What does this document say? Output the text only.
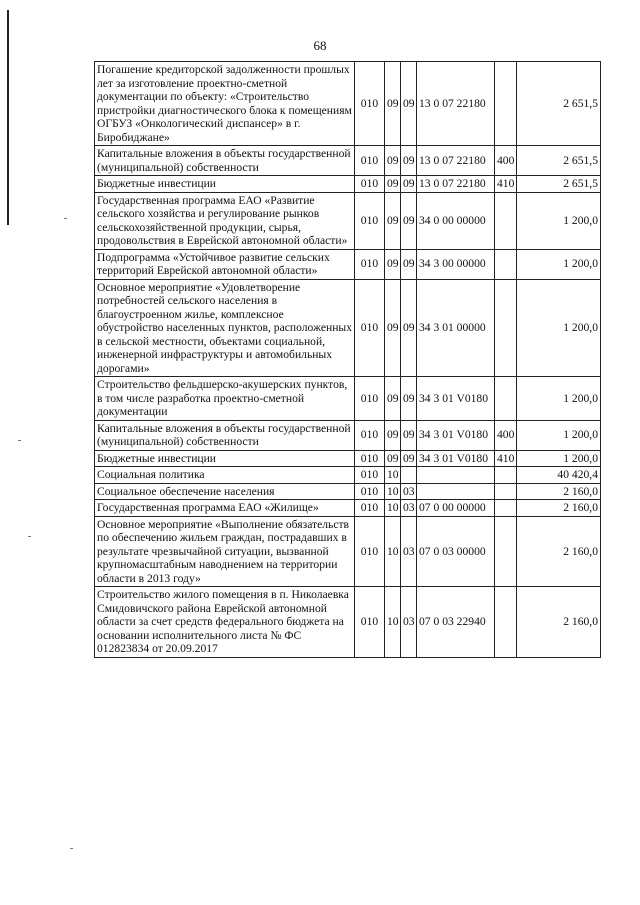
68
Погашение кредиторской задолженности прошлых лет за изготовление проектно-сметной документации по объекту: «Строительство пристройки диагностического блока к помещениям ОГБУЗ «Онкологический диспансер» в г. Биробиджане»	010	09	09	13 0 07 22180		2 651,5
Капитальные вложения в объекты государственной (муниципальной) собственности	010	09	09	13 0 07 22180	400	2 651,5
Бюджетные инвестиции	010	09	09	13 0 07 22180	410	2 651,5
Государственная программа ЕАО «Развитие сельского хозяйства и регулирование рынков сельскохозяйственной продукции, сырья, продовольствия в Еврейской автономной области»	010	09	09	34 0 00 00000		1 200,0
Подпрограмма «Устойчивое развитие сельских территорий Еврейской автономной области»	010	09	09	34 3 00 00000		1 200,0
Основное мероприятие «Удовлетворение потребностей сельского населения в благоустроенном жилье, комплексное обустройство населенных пунктов, расположенных в сельской местности, объектами социальной, инженерной инфраструктуры и автомобильных дорогами»	010	09	09	34 3 01 00000		1 200,0
Строительство фельдшерско-акушерских пунктов, в том числе разработка проектно-сметной документации	010	09	09	34 3 01 V0180		1 200,0
Капитальные вложения в объекты государственной (муниципальной) собственности	010	09	09	34 3 01 V0180	400	1 200,0
Бюджетные инвестиции	010	09	09	34 3 01 V0180	410	1 200,0
Социальная политика	010	10				40 420,4
Социальное обеспечение населения	010	10	03			2 160,0
Государственная программа ЕАО «Жилище»	010	10	03	07 0 00 00000		2 160,0
Основное мероприятие «Выполнение обязательств по обеспечению жильем граждан, пострадавших в результате чрезвычайной ситуации, вызванной крупномасштабным наводнением на территории области в 2013 году»	010	10	03	07 0 03 00000		2 160,0
Строительство жилого помещения в п. Николаевка Смидовичского района Еврейской автономной области за счет средств федерального бюджета на основании исполнительного листа № ФС 012823834 от 20.09.2017	010	10	03	07 0 03 22940		2 160,0
